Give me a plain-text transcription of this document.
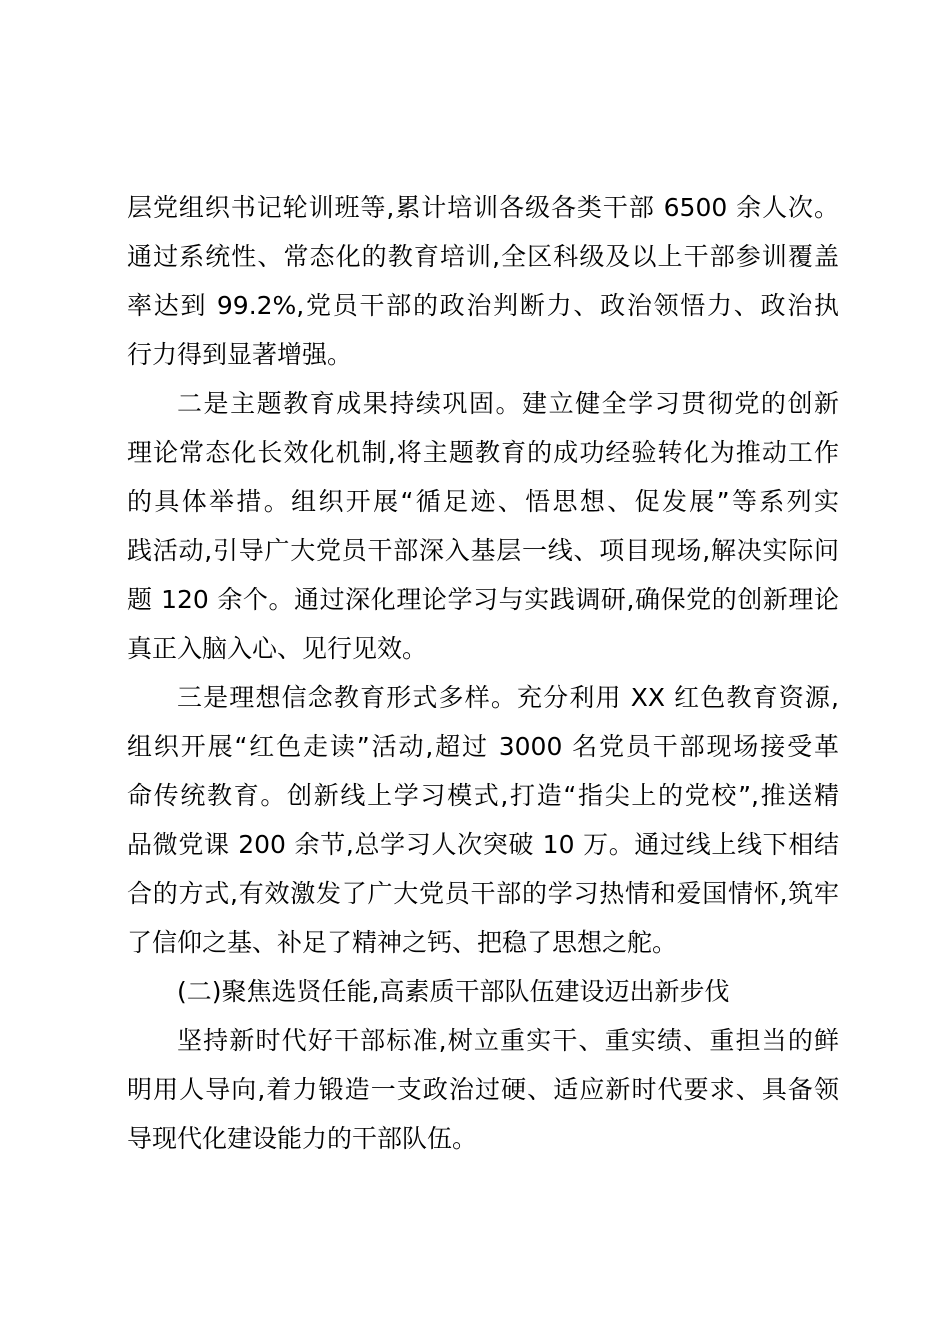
层党组织书记轮训班等,累计培训各级各类干部 6500 余人次。
通过系统性、常态化的教育培训,全区科级及以上干部参训覆盖
率达到 99.2%,党员干部的政治判断力、政治领悟力、政治执
行力得到显著增强。
二是主题教育成果持续巩固。建立健全学习贯彻党的创新
理论常态化长效化机制,将主题教育的成功经验转化为推动工作
的具体举措。组织开展“循足迹、悟思想、促发展”等系列实
践活动,引导广大党员干部深入基层一线、项目现场,解决实际问
题 120 余个。通过深化理论学习与实践调研,确保党的创新理论
真正入脑入心、见行见效。
三是理想信念教育形式多样。充分利用 XX 红色教育资源,
组织开展“红色走读”活动,超过 3000 名党员干部现场接受革
命传统教育。创新线上学习模式,打造“指尖上的党校”,推送精
品微党课 200 余节,总学习人次突破 10 万。通过线上线下相结
合的方式,有效激发了广大党员干部的学习热情和爱国情怀,筑牢
了信仰之基、补足了精神之钙、把稳了思想之舵。
(二)聚焦选贤任能,高素质干部队伍建设迈出新步伐
坚持新时代好干部标准,树立重实干、重实绩、重担当的鲜
明用人导向,着力锻造一支政治过硬、适应新时代要求、具备领
导现代化建设能力的干部队伍。
